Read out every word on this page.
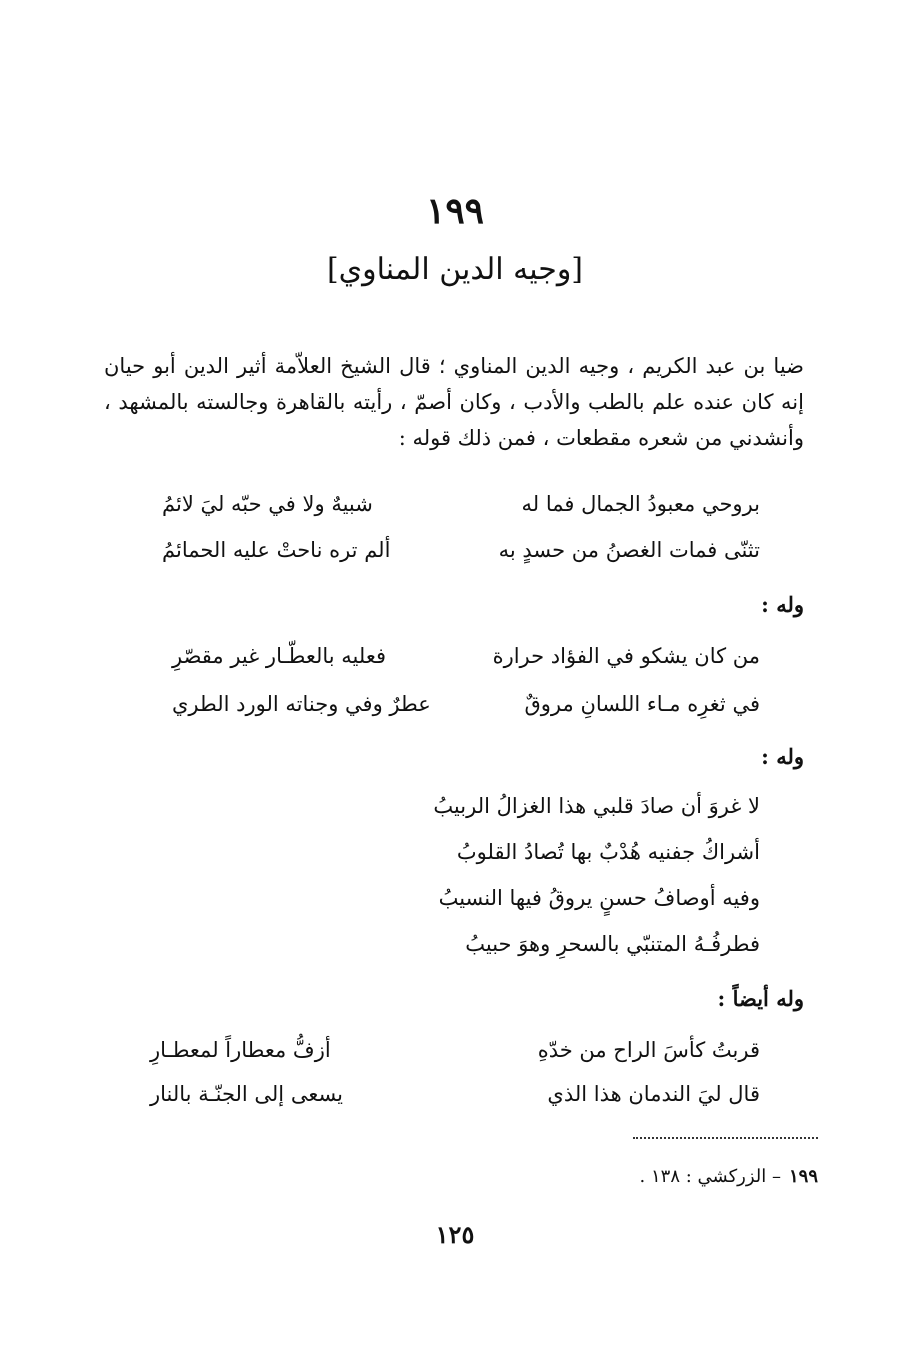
١٩٩
[وجيه الدين المناوي]
ضيا بن عبد الكريم ، وجيه الدين المناوي ؛ قال الشيخ العلاّمة أثير الدين أبو حيان إنه كان عنده علم بالطب والأدب ، وكان أصمّ ، رأيته بالقاهرة وجالسته بالمشهد ، وأنشدني من شعره مقطعات ، فمن ذلك قوله :
بروحي معبودُ الجمال فما له
شبيهٌ ولا في حبّه ليَ لائمُ
تثنّى فمات الغصنُ من حسدٍ به
ألم تره ناحتْ عليه الحمائمُ
وله :
من كان يشكو في الفؤاد حرارة
فعليه بالعطّـار غير مقصّرِ
في ثغرِه مـاء اللسانِ مروقٌ
عطرٌ وفي وجناته الورد الطري
وله :
لا غروَ أن صادَ قلبي هذا الغزالُ الربيبُ
أشراكُ جفنيه هُدْبٌ بها تُصادُ القلوبُ
وفيه أوصافُ حسنٍ يروقُ فيها النسيبُ
فطرفُـهُ المتنبّي بالسحرِ وهوَ حبيبُ
وله أيضاً :
قربتُ كأسَ الراح من خدّهِ
أزفُّ معطاراً لمعطـارِ
قال ليَ الندمان هذا الذي
يسعى إلى الجنّـة بالنار
١٩٩– الزركشي : ١٣٨ .
١٢٥
